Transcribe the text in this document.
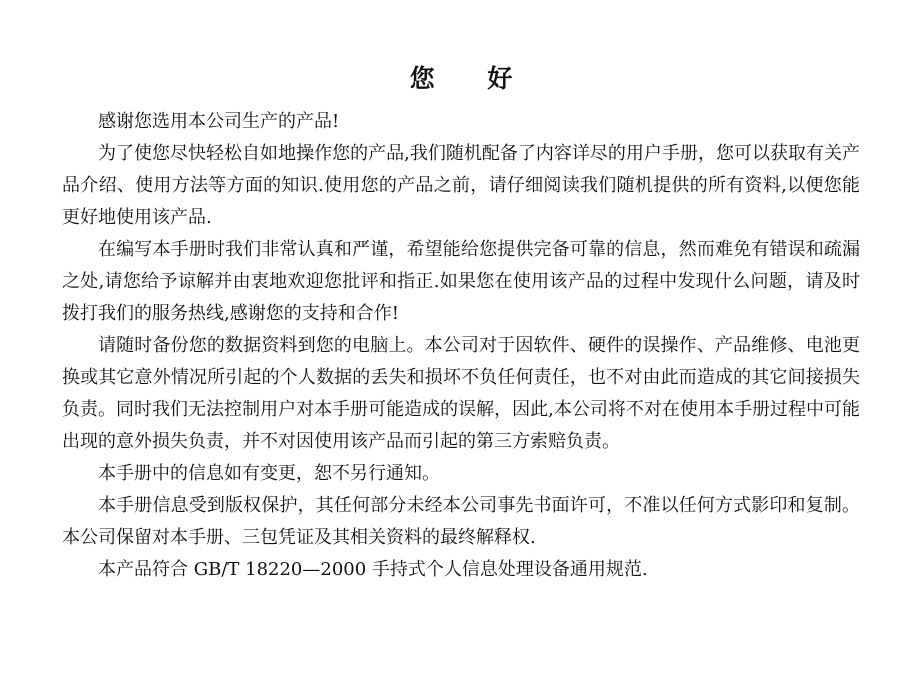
您 好

感谢您选用本公司生产的产品!

为了使您尽快轻松自如地操作您的产品,我们随机配备了内容详尽的用户手册，您可以获取有关产品介绍、使用方法等方面的知识.使用您的产品之前，请仔细阅读我们随机提供的所有资料,以便您能更好地使用该产品.

在编写本手册时我们非常认真和严谨，希望能给您提供完备可靠的信息，然而难免有错误和疏漏之处,请您给予谅解并由衷地欢迎您批评和指正.如果您在使用该产品的过程中发现什么问题，请及时拨打我们的服务热线,感谢您的支持和合作!

请随时备份您的数据资料到您的电脑上。本公司对于因软件、硬件的误操作、产品维修、电池更换或其它意外情况所引起的个人数据的丢失和损坏不负任何责任，也不对由此而造成的其它间接损失负责。同时我们无法控制用户对本手册可能造成的误解，因此,本公司将不对在使用本手册过程中可能出现的意外损失负责，并不对因使用该产品而引起的第三方索赔负责。

本手册中的信息如有变更，恕不另行通知。

本手册信息受到版权保护，其任何部分未经本公司事先书面许可，不准以任何方式影印和复制。本公司保留对本手册、三包凭证及其相关资料的最终解释权.

本产品符合 GB/T 18220—2000 手持式个人信息处理设备通用规范.
